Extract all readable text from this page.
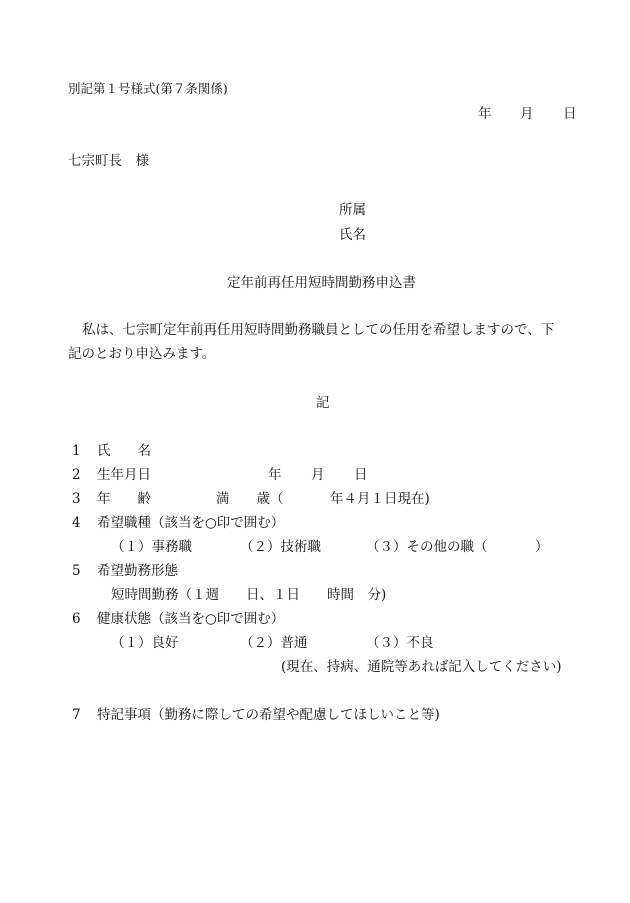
別記第１号様式(第７条関係)
年 月 日
七宗町長　様
所属
氏名
定年前再任用短時間勤務申込書
私は、七宗町定年前再任用短時間勤務職員としての任用を希望しますので、下
記のとおり申込みます。
記
1 氏　　名
2 生年月日	年 月 日
3 年　　齢	満　　歳（	年４月１日現在)
4 希望職種（該当を○印で囲む）
（１）事務職	（２）技術職	（３）その他の職（	）
5 希望勤務形態
短時間勤務（１週　　日、１日　　時間　分)
6 健康状態（該当を○印で囲む）
（１）良好	（２）普通	（３）不良
(現在、持病、通院等あれば記入してください)
7 特記事項（勤務に際しての希望や配慮してほしいこと等)
